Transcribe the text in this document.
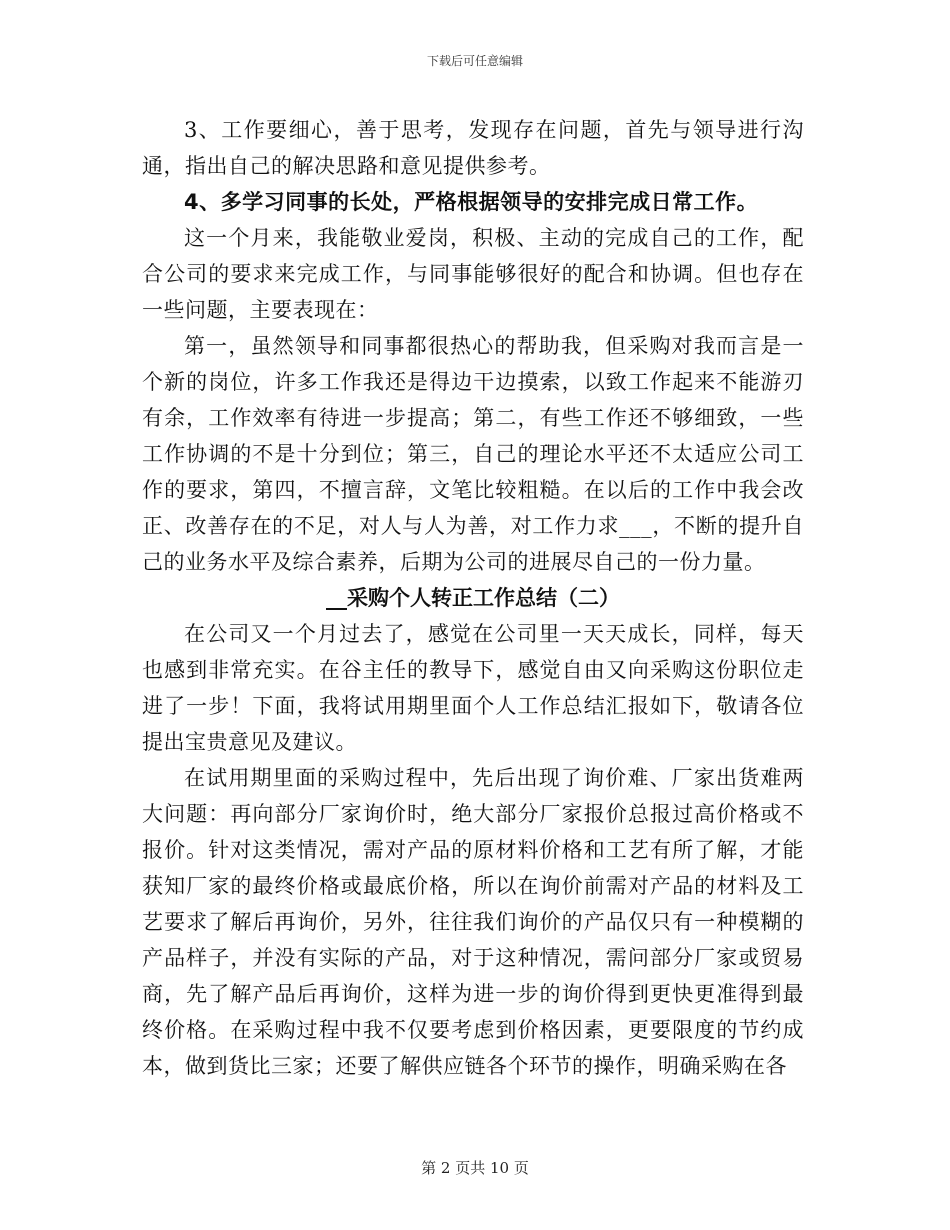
下载后可任意编辑

3、工作要细心，善于思考，发现存在问题，首先与领导进行沟通，指出自己的解决思路和意见提供参考。

4、多学习同事的长处，严格根据领导的安排完成日常工作。

这一个月来，我能敬业爱岗，积极、主动的完成自己的工作，配合公司的要求来完成工作，与同事能够很好的配合和协调。但也存在一些问题，主要表现在：

第一，虽然领导和同事都很热心的帮助我，但采购对我而言是一个新的岗位，许多工作我还是得边干边摸索，以致工作起来不能游刃有余，工作效率有待进一步提高；第二，有些工作还不够细致，一些工作协调的不是十分到位；第三，自己的理论水平还不太适应公司工作的要求，第四，不擅言辞，文笔比较粗糙。在以后的工作中我会改正、改善存在的不足，对人与人为善，对工作力求___，不断的提升自己的业务水平及综合素养，后期为公司的进展尽自己的一份力量。

__采购个人转正工作总结（二）

在公司又一个月过去了，感觉在公司里一天天成长，同样，每天也感到非常充实。在谷主任的教导下，感觉自由又向采购这份职位走进了一步！下面，我将试用期里面个人工作总结汇报如下，敬请各位提出宝贵意见及建议。

在试用期里面的采购过程中，先后出现了询价难、厂家出货难两大问题：再向部分厂家询价时，绝大部分厂家报价总报过高价格或不报价。针对这类情况，需对产品的原材料价格和工艺有所了解，才能获知厂家的最终价格或最底价格，所以在询价前需对产品的材料及工艺要求了解后再询价，另外，往往我们询价的产品仅只有一种模糊的产品样子，并没有实际的产品，对于这种情况，需问部分厂家或贸易商，先了解产品后再询价，这样为进一步的询价得到更快更准得到最终价格。在采购过程中我不仅要考虑到价格因素，更要限度的节约成本，做到货比三家；还要了解供应链各个环节的操作，明确采购在各

第 2 页共 10 页
